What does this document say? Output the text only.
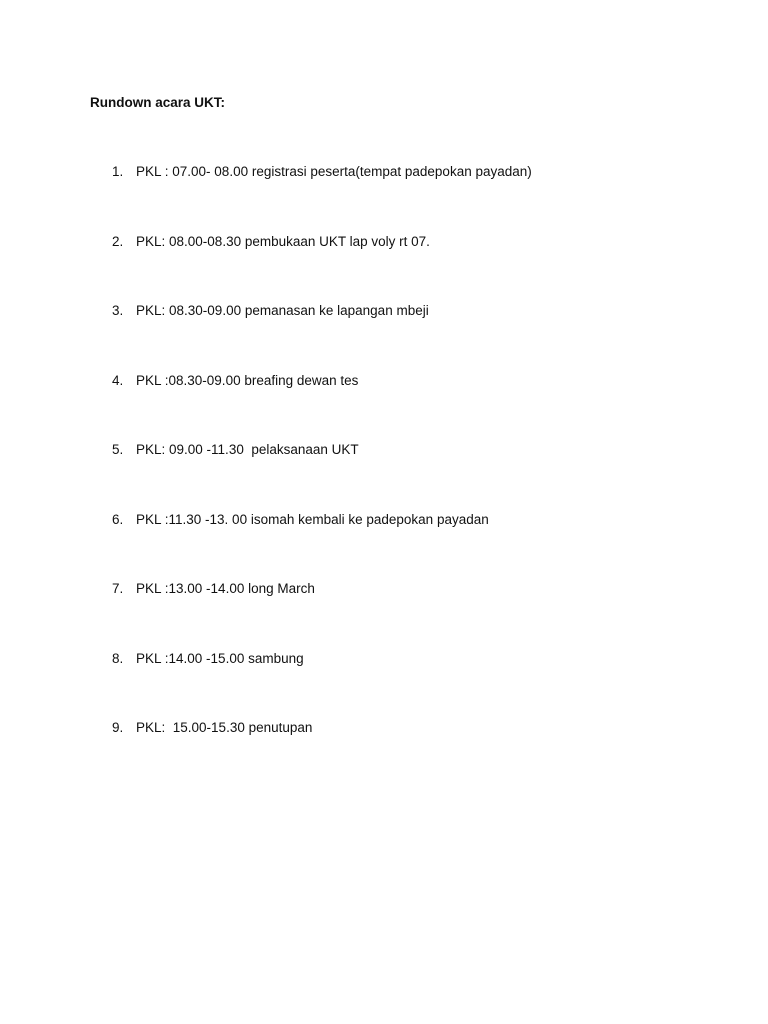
Rundown acara UKT:

1.

PKL : 07.00- 08.00 registrasi peserta(tempat padepokan payadan)

2.

PKL: 08.00-08.30 pembukaan UKT lap voly rt 07.

3.

PKL: 08.30-09.00 pemanasan ke lapangan mbeji

4.

PKL :08.30-09.00 breafing dewan tes

5.

PKL: 09.00 -11.30  pelaksanaan UKT

6.

PKL :11.30 -13. 00 isomah kembali ke padepokan payadan

7.

PKL :13.00 -14.00 long March

8.

PKL :14.00 -15.00 sambung

9.

PKL:  15.00-15.30 penutupan
